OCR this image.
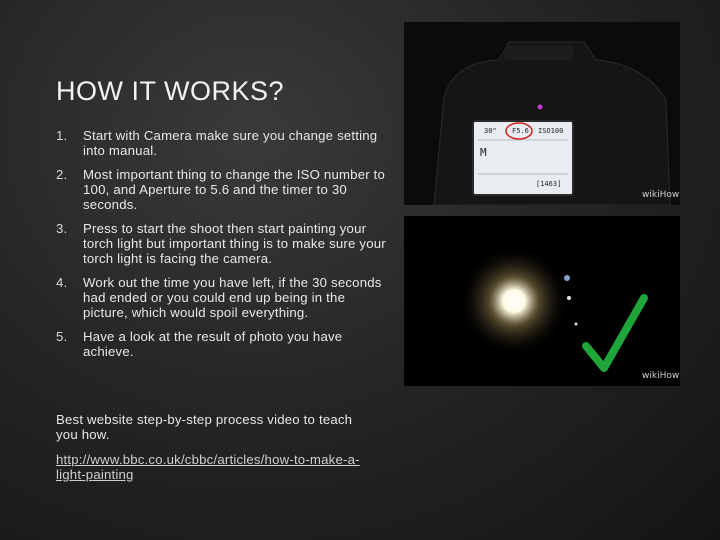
HOW IT WORKS?
1.	Start with Camera make sure you change setting into manual.
2.	Most important thing to change the ISO number to 100, and Aperture to 5.6 and the timer to 30 seconds.
3.	Press to start the shoot then start painting your torch light but important thing is to make sure your torch light is facing the camera.
4.	Work out the time you have left, if the 30 seconds had ended or you could end up being in the picture, which would spoil everything.
5.	Have a look at the result of photo you have achieve.
Best website step-by-step process video to teach you how.
http://www.bbc.co.uk/cbbc/articles/how-to-make-a-light-painting
30" F5.6 ISO100
M
[1463]
wikiHow
wikiHow
